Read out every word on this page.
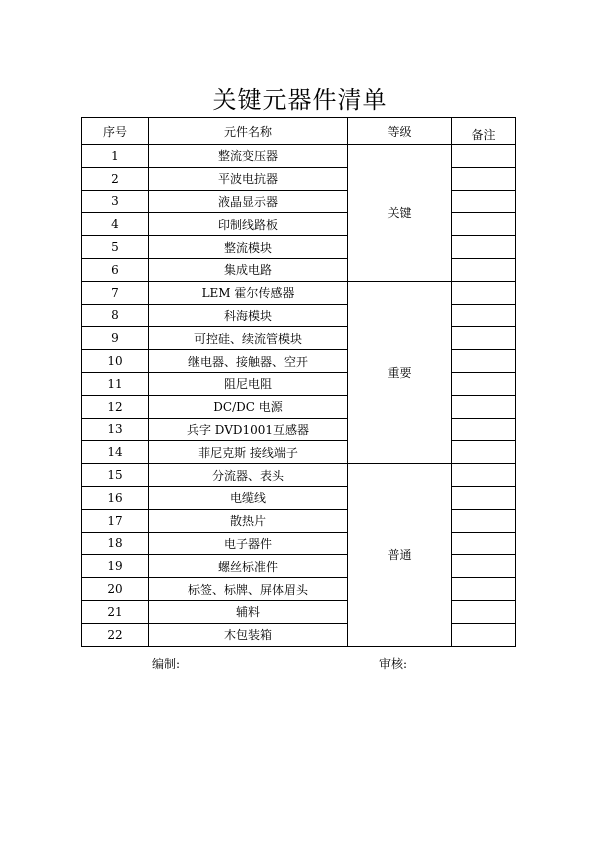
关键元器件清单
序号	元件名称	等级	备注
1	整流变压器	关键	
2	平波电抗器		
3	液晶显示器		
4	印制线路板		
5	整流模块		
6	集成电路		
7	LEM 霍尔传感器	重要	
8	科海模块		
9	可控硅、续流管模块		
10	继电器、接触器、空开		
11	阻尼电阻		
12	DC/DC 电源		
13	兵字 DVD1001互感器		
14	菲尼克斯 接线端子		
15	分流器、表头	普通	
16	电缆线		
17	散热片		
18	电子器件		
19	螺丝标准件		
20	标签、标牌、屏体眉头		
21	辅料		
22	木包装箱		
编制:	审核:
